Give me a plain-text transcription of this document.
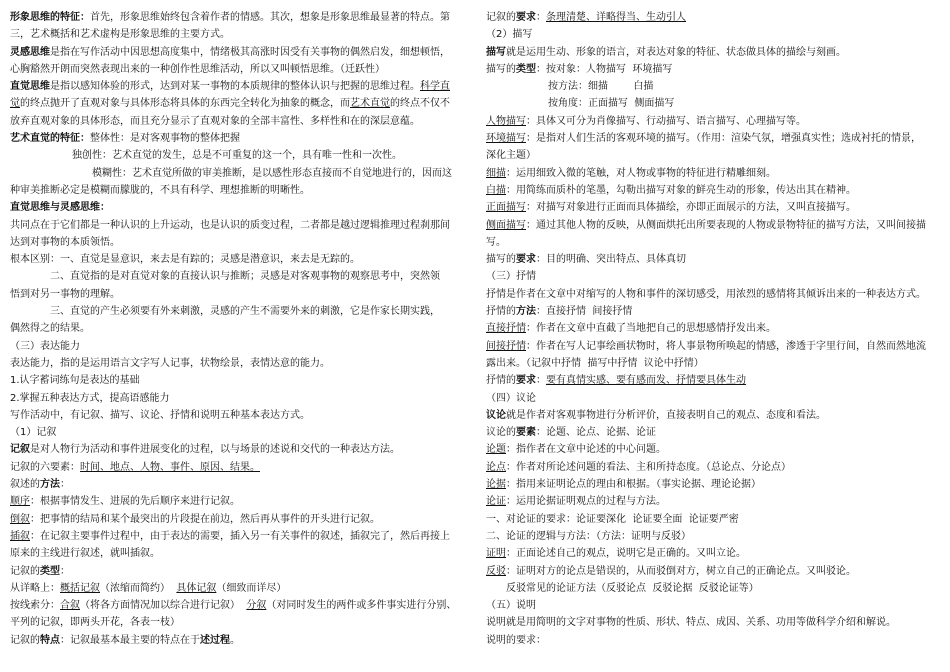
形象思维的特征：首先，形象思维始终包含着作者的情感。其次，想象是形象思维最显著的特点。第
三，艺术概括和艺术虚构是形象思维的主要方式。
灵感思维是指在写作活动中因思想高度集中，情绪极其高涨时因受有关事物的偶然启发，细想顿悟，
心胸豁然开朗而突然表现出来的一种创作性思维活动，所以又叫顿悟思维。（迁跃性）
直觉思维是指以感知体验的形式，达到对某一事物的本质规律的整体认识与把握的思维过程。科学直
觉的终点抛开了直观对象与具体形态将具体的东西完全转化为抽象的概念，而艺术直觉的终点不仅不
放弃直观对象的具体形态，而且充分显示了直观对象的全部丰富性、多样性和在的深层意蕴。
艺术直觉的特征：整体性：是对客观事物的整体把握
独创性：艺术直觉的发生，总是不可重复的这一个，具有唯一性和一次性。
模糊性：艺术直觉所做的审美推断，是以感性形态直接而不自觉地进行的，因而这
种审美推断必定是模糊而朦胧的，不具有科学、理想推断的明晰性。
直觉思维与灵感思维：
共同点在于它们都是一种认识的上升运动，也是认识的质变过程，二者都是越过逻辑推理过程刹那间
达到对事物的本质领悟。
根本区别：一、直觉是显意识，来去是有踪的；灵感是潜意识，来去是无踪的。
二、直觉指的是对直觉对象的直接认识与推断；灵感是对客观事物的观察思考中，突然领
悟到对另一事物的理解。
三、直觉的产生必须要有外来刺激，灵感的产生不需要外来的刺激，它是作家长期实践，
偶然得之的结果。
（三）表达能力
表达能力，指的是运用语言文字写人记事，状物绘景，表情达意的能力。
1.认字蓄词练句是表达的基础
2.掌握五种表达方式，提高语感能力
写作活动中，有记叙、描写、议论、抒情和说明五种基本表达方式。
（1）记叙
记叙是对人物行为活动和事件进展变化的过程，以与场景的述说和交代的一种表达方法。
记叙的六要素：时间、地点、人物、事件、原因、结果。
叙述的方法：
顺序：根据事情发生、进展的先后顺序来进行记叙。
倒叙：把事情的结局和某个最突出的片段提在前边，然后再从事件的开头进行记叙。
插叙：在记叙主要事件过程中，由于表达的需要，插入另一有关事件的叙述，插叙完了，然后再接上
原来的主线进行叙述，就叫插叙。
记叙的类型：
从详略上：概括记叙（浓缩而简约）  具体记叙（细致而详尽）
按线索分：合叙（将各方面情况加以综合进行记叙）  分叙（对同时发生的两件或多件事实进行分别、
平列的记叙，即两头开花，各表一枝）
记叙的特点：记叙最基本最主要的特点在于述过程。
记叙的要求：条理清楚、详略得当、生动引人
（2）描写
描写就是运用生动、形象的语言，对表达对象的特征、状态做具体的描绘与刻画。
描写的类型：按对象：人物描写  环境描写
按方法：细描        白描
按角度：正面描写  侧面描写
人物描写：具体又可分为肖像描写、行动描写、语言描写、心理描写等。
环境描写：是指对人们生活的客观环境的描写。（作用：渲染气氛，增强真实性；选成衬托的情景，
深化主题）
细描：运用细致入微的笔触，对人物或事物的特征进行精雕细刻。
白描：用简练而质朴的笔墨，勾勒出描写对象的鲜亮生动的形象，传达出其在精神。
正面描写：对描写对象进行正面而具体描绘，亦即正面展示的方法，又叫直接描写。
侧面描写：通过其他人物的反映，从侧面烘托出所要表现的人物或景物特征的描写方法，又叫间接描
写。
描写的要求：目的明确、突出特点、具体真切
（三）抒情
抒情是作者在文章中对缩写的人物和事件的深切感受，用浓烈的感情将其倾诉出来的一种表达方式。
抒情的方法：直接抒情  间接抒情
直接抒情：作者在文章中直截了当地把自己的思想感情抒发出来。
间接抒情：作者在写人记事绘画状物时，将人事景物所唤起的情感，渗透于字里行间，自然而然地流
露出来。（记叙中抒情  描写中抒情  议论中抒情）
抒情的要求：要有真情实感、要有感而发、抒情要具体生动
（四）议论
议论就是作者对客观事物进行分析评价，直接表明自己的观点、态度和看法。
议论的要素：论题、论点、论据、论证
论题：指作者在文章中论述的中心问题。
论点：作者对所论述问题的看法、主和所持态度。（总论点、分论点）
论据：指用来证明论点的理由和根据。（事实论据、理论论据）
论证：运用论据证明观点的过程与方法。
一、对论证的要求：论证要深化  论证要全面  论证要严密
二、论证的逻辑与方法：（方法：证明与反驳）
证明：正面论述自己的观点，说明它是正确的。又叫立论。
反驳：证明对方的论点是错误的，从而驳倒对方，树立自己的正确论点。又叫驳论。
反驳常见的论证方法（反驳论点  反驳论据  反驳论证等）
（五）说明
说明就是用简明的文字对事物的性质、形状、特点、成因、关系、功用等做科学介绍和解说。
说明的要求：
